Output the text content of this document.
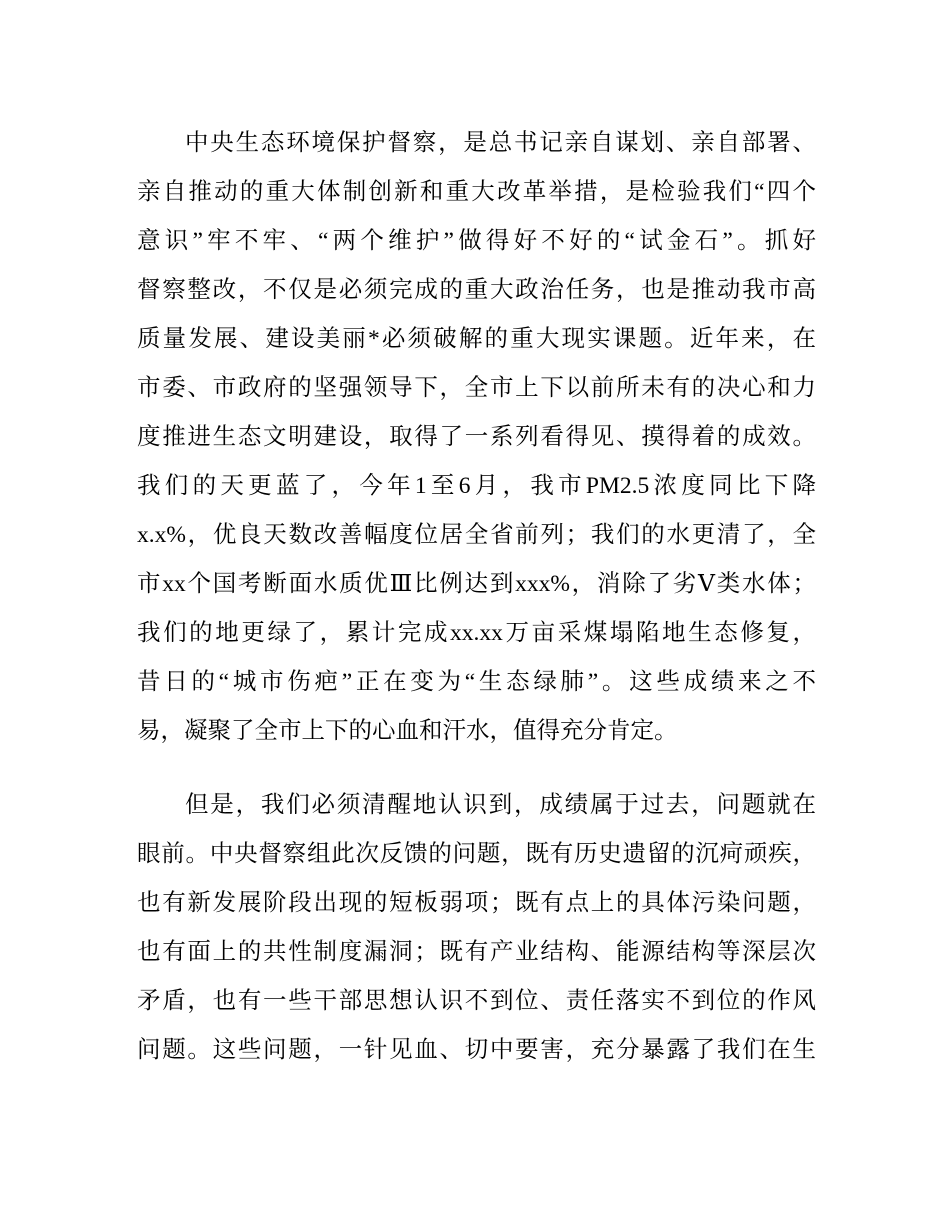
中央生态环境保护督察，是总书记亲自谋划、亲自部署、
亲自推动的重大体制创新和重大改革举措，是检验我们“四个
意识”牢不牢、“两个维护”做得好不好的“试金石”。抓好
督察整改，不仅是必须完成的重大政治任务，也是推动我市高
质量发展、建设美丽*必须破解的重大现实课题。近年来，在
市委、市政府的坚强领导下，全市上下以前所未有的决心和力
度推进生态文明建设，取得了一系列看得见、摸得着的成效。
我们的天更蓝了，今年1至6月，我市PM2.5浓度同比下降
x.x%，优良天数改善幅度位居全省前列；我们的水更清了，全
市xx个国考断面水质优Ⅲ比例达到xxx%，消除了劣Ⅴ类水体；
我们的地更绿了，累计完成xx.xx万亩采煤塌陷地生态修复，
昔日的“城市伤疤”正在变为“生态绿肺”。这些成绩来之不
易，凝聚了全市上下的心血和汗水，值得充分肯定。
但是，我们必须清醒地认识到，成绩属于过去，问题就在
眼前。中央督察组此次反馈的问题，既有历史遗留的沉疴顽疾，
也有新发展阶段出现的短板弱项；既有点上的具体污染问题，
也有面上的共性制度漏洞；既有产业结构、能源结构等深层次
矛盾，也有一些干部思想认识不到位、责任落实不到位的作风
问题。这些问题，一针见血、切中要害，充分暴露了我们在生
